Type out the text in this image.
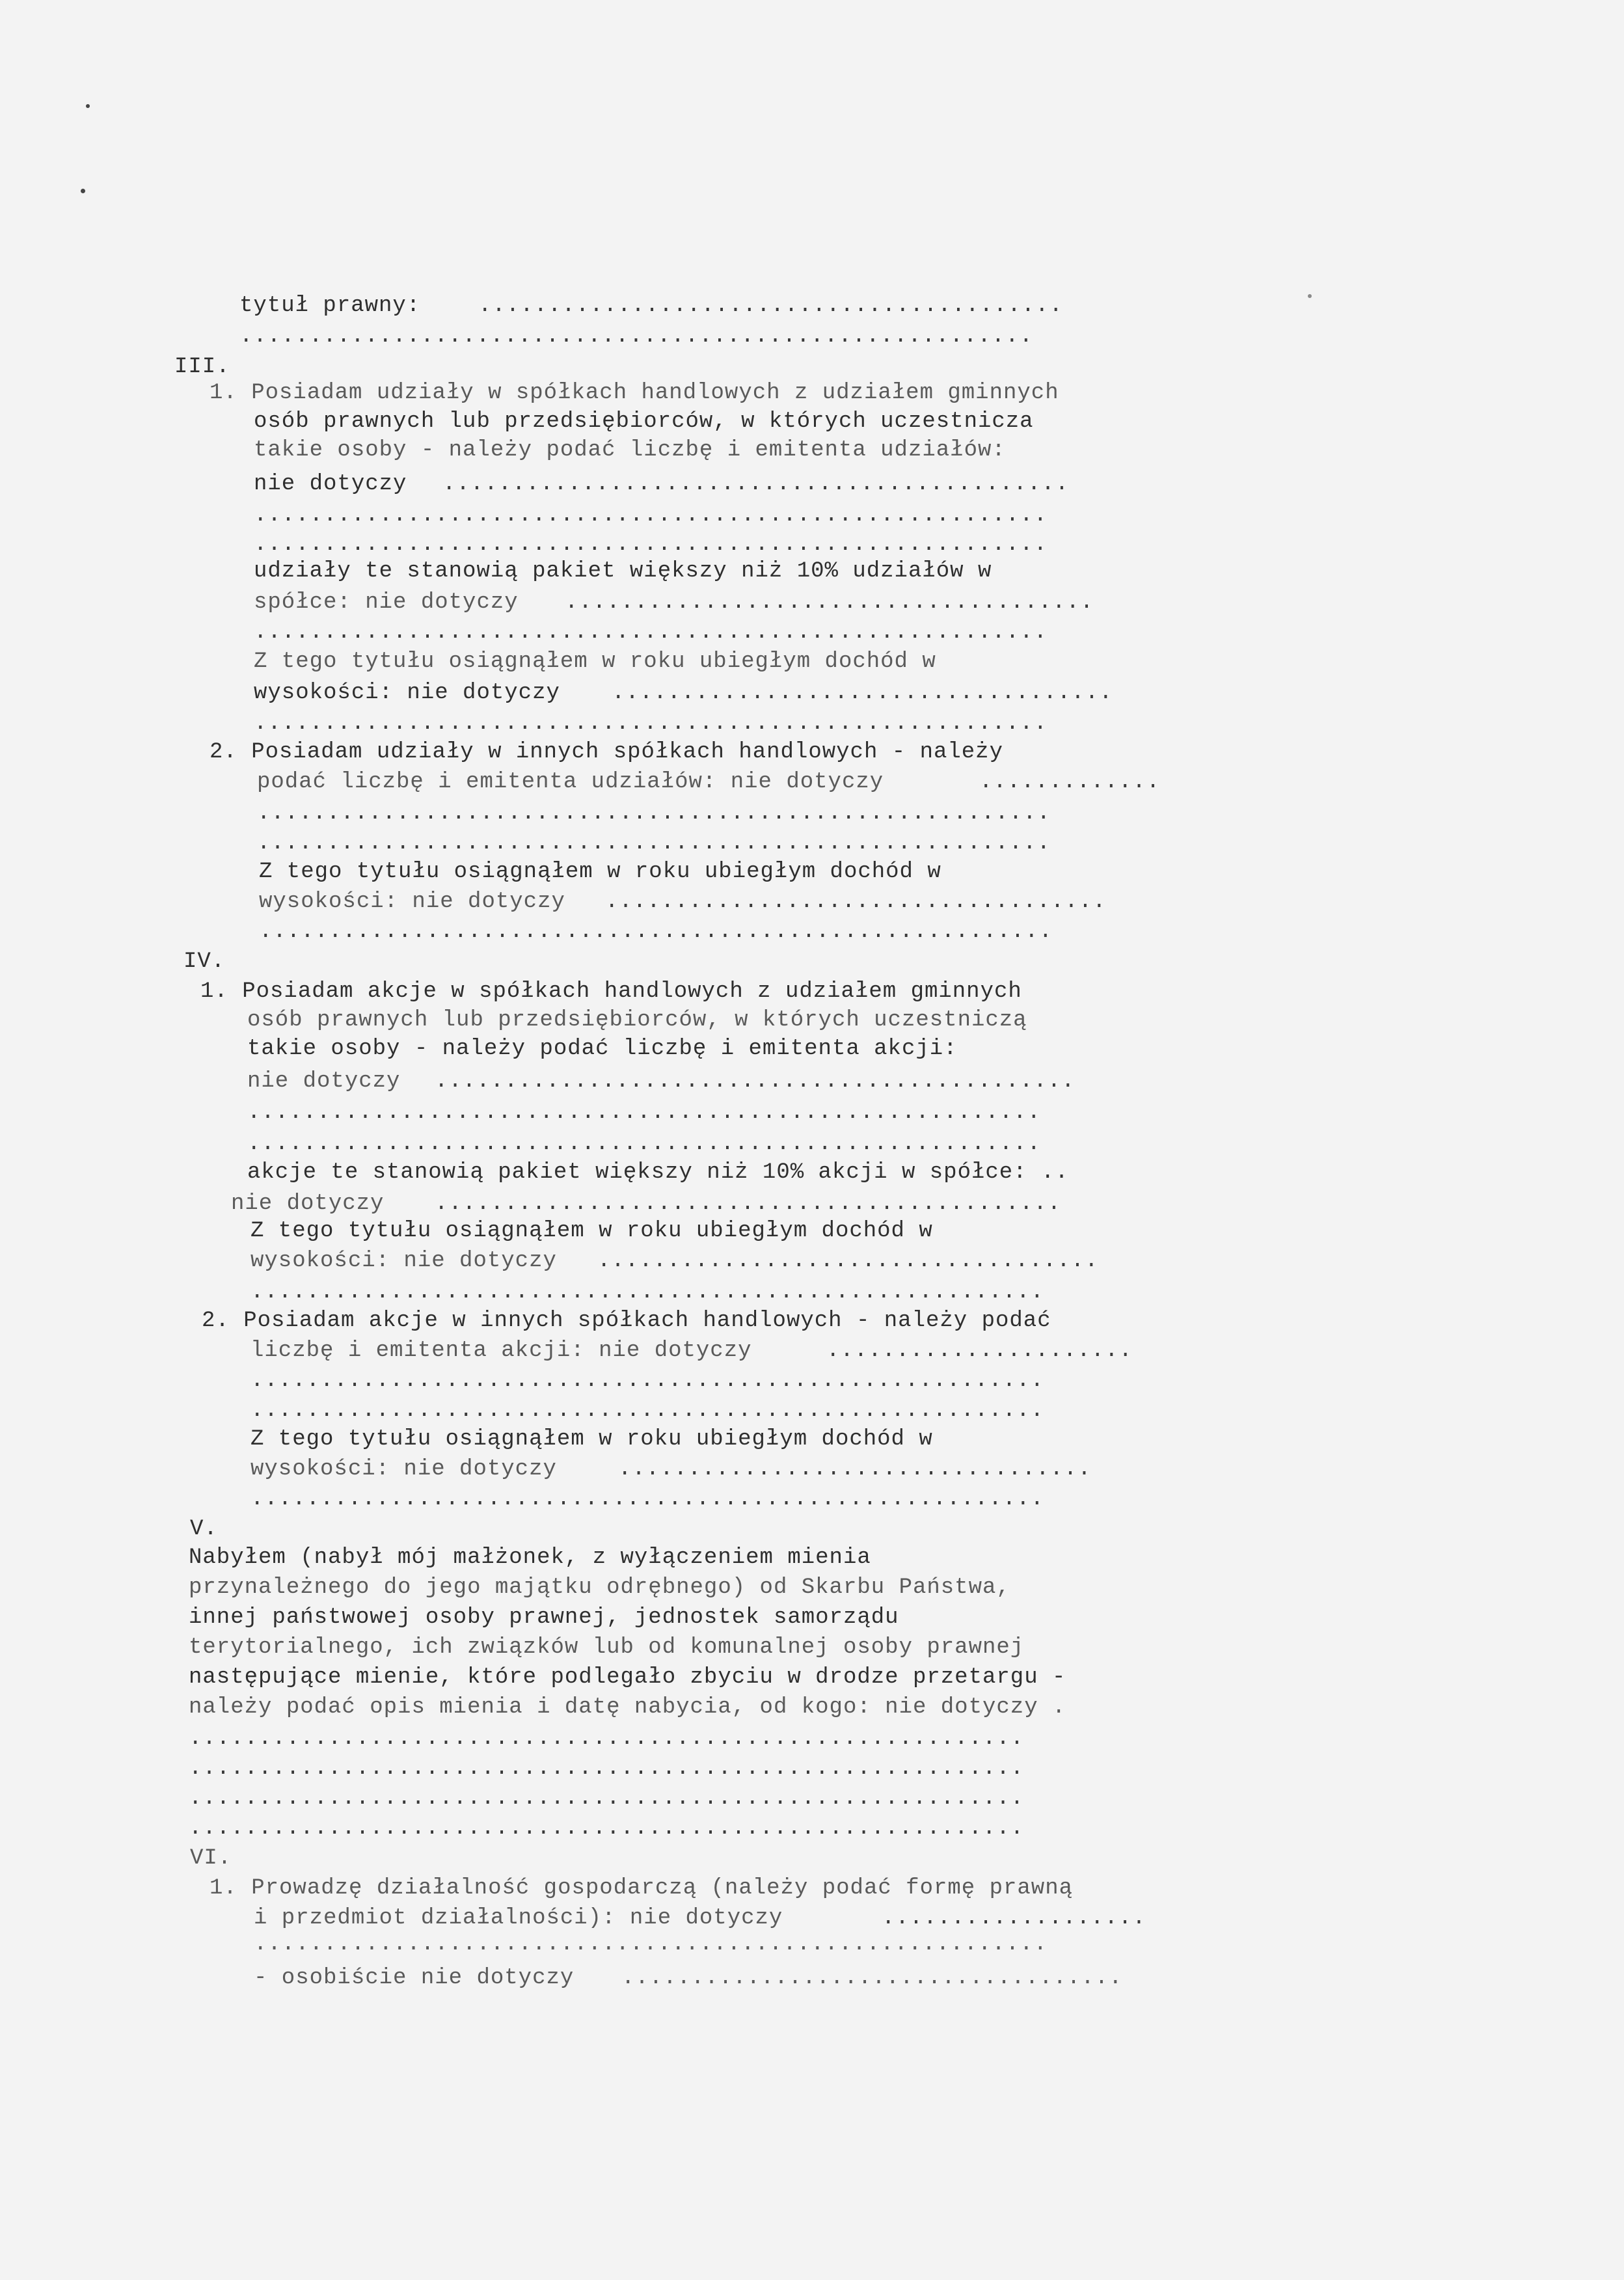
tytuł prawny:	..........................................
.........................................................
III.
1. Posiadam udziały w spółkach handlowych z udziałem gminnych
osób prawnych lub przedsiębiorców, w których uczestnicza
takie osoby - należy podać liczbę i emitenta udziałów:
nie dotyczy .............................................
.........................................................
.........................................................
udziały te stanowią pakiet większy niż 10% udziałów w
spółce: nie dotyczy ......................................
.........................................................
Z tego tytułu osiągnąłem w roku ubiegłym dochód w
wysokości: nie dotyczy ....................................
.........................................................
2. Posiadam udziały w innych spółkach handlowych - należy
podać liczbę i emitenta udziałów: nie dotyczy	.............
.........................................................
.........................................................
Z tego tytułu osiągnąłem w roku ubiegłym dochód w
wysokości: nie dotyczy ....................................
.........................................................
IV.
1. Posiadam akcje w spółkach handlowych z udziałem gminnych
osób prawnych lub przedsiębiorców, w których uczestniczą
takie osoby - należy podać liczbę i emitenta akcji:
nie dotyczy ..............................................
.........................................................
.........................................................
akcje te stanowią pakiet większy niż 10% akcji w spółce: ..
nie dotyczy .............................................
Z tego tytułu osiągnąłem w roku ubiegłym dochód w
wysokości: nie dotyczy ....................................
.........................................................
2. Posiadam akcje w innych spółkach handlowych - należy podać
liczbę i emitenta akcji: nie dotyczy	......................
.........................................................
.........................................................
Z tego tytułu osiągnąłem w roku ubiegłym dochód w
wysokości: nie dotyczy	..................................
.........................................................
V.
Nabyłem (nabył mój małżonek, z wyłączeniem mienia
przynależnego do jego majątku odrębnego) od Skarbu Państwa,
innej państwowej osoby prawnej, jednostek samorządu
terytorialnego, ich związków lub od komunalnej osoby prawnej
następujące mienie, które podlegało zbyciu w drodze przetargu -
należy podać opis mienia i datę nabycia, od kogo: nie dotyczy .
............................................................
............................................................
............................................................
............................................................
VI.
1. Prowadzę działalność gospodarczą (należy podać formę prawną
i przedmiot działalności): nie dotyczy	...................
.........................................................
- osobiście nie dotyczy ....................................
